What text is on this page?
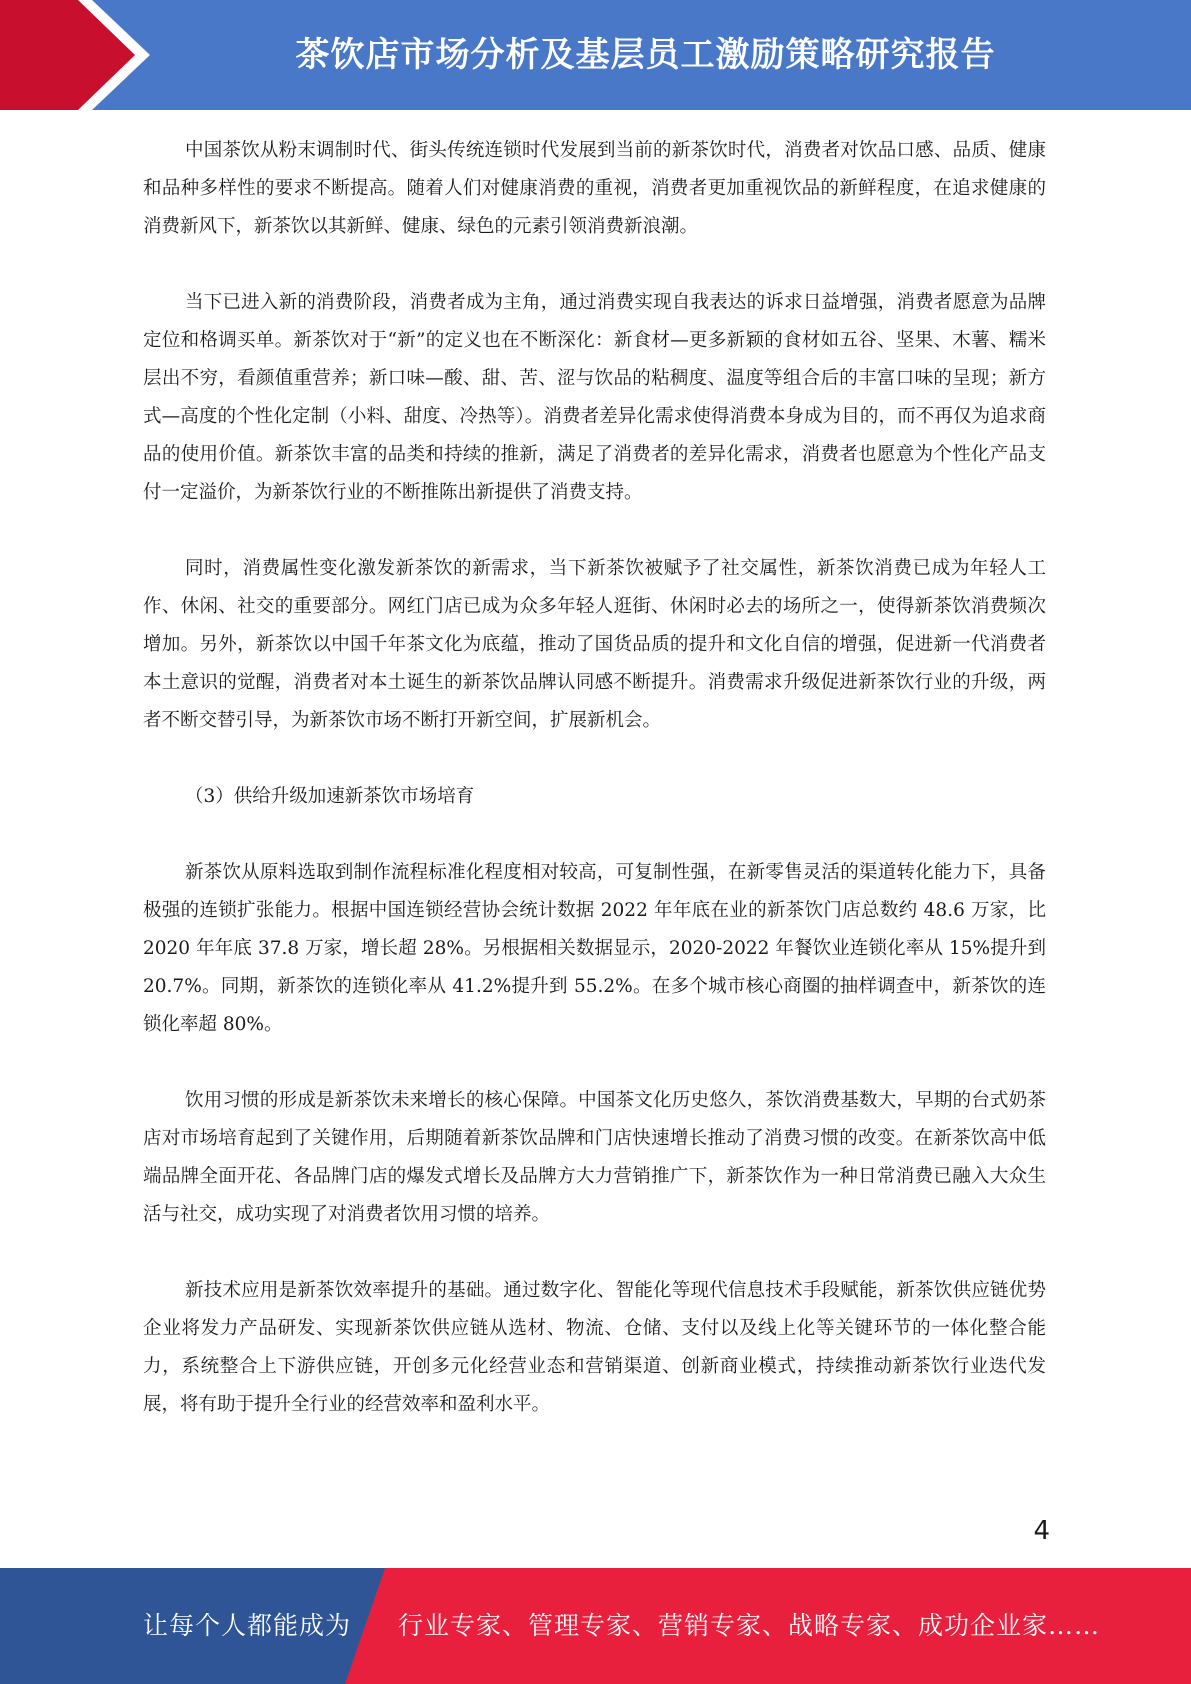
茶饮店市场分析及基层员工激励策略研究报告

中国茶饮从粉末调制时代、街头传统连锁时代发展到当前的新茶饮时代，消费者对饮品口感、品质、健康和品种多样性的要求不断提高。随着人们对健康消费的重视，消费者更加重视饮品的新鲜程度，在追求健康的消费新风下，新茶饮以其新鲜、健康、绿色的元素引领消费新浪潮。

当下已进入新的消费阶段，消费者成为主角，通过消费实现自我表达的诉求日益增强，消费者愿意为品牌定位和格调买单。新茶饮对于“新”的定义也在不断深化：新食材—更多新颖的食材如五谷、坚果、木薯、糯米层出不穷，看颜值重营养；新口味—酸、甜、苦、涩与饮品的粘稠度、温度等组合后的丰富口味的呈现；新方式—高度的个性化定制（小料、甜度、冷热等）。消费者差异化需求使得消费本身成为目的，而不再仅为追求商品的使用价值。新茶饮丰富的品类和持续的推新，满足了消费者的差异化需求，消费者也愿意为个性化产品支付一定溢价，为新茶饮行业的不断推陈出新提供了消费支持。

同时，消费属性变化激发新茶饮的新需求，当下新茶饮被赋予了社交属性，新茶饮消费已成为年轻人工作、休闲、社交的重要部分。网红门店已成为众多年轻人逛街、休闲时必去的场所之一，使得新茶饮消费频次增加。另外，新茶饮以中国千年茶文化为底蕴，推动了国货品质的提升和文化自信的增强，促进新一代消费者本土意识的觉醒，消费者对本土诞生的新茶饮品牌认同感不断提升。消费需求升级促进新茶饮行业的升级，两者不断交替引导，为新茶饮市场不断打开新空间，扩展新机会。

（3）供给升级加速新茶饮市场培育

新茶饮从原料选取到制作流程标准化程度相对较高，可复制性强，在新零售灵活的渠道转化能力下，具备极强的连锁扩张能力。根据中国连锁经营协会统计数据 2022 年年底在业的新茶饮门店总数约 48.6 万家，比 2020 年年底 37.8 万家，增长超 28%。另根据相关数据显示，2020-2022 年餐饮业连锁化率从 15%提升到 20.7%。同期，新茶饮的连锁化率从 41.2%提升到 55.2%。在多个城市核心商圈的抽样调查中，新茶饮的连锁化率超 80%。

饮用习惯的形成是新茶饮未来增长的核心保障。中国茶文化历史悠久，茶饮消费基数大，早期的台式奶茶店对市场培育起到了关键作用，后期随着新茶饮品牌和门店快速增长推动了消费习惯的改变。在新茶饮高中低端品牌全面开花、各品牌门店的爆发式增长及品牌方大力营销推广下，新茶饮作为一种日常消费已融入大众生活与社交，成功实现了对消费者饮用习惯的培养。

新技术应用是新茶饮效率提升的基础。通过数字化、智能化等现代信息技术手段赋能，新茶饮供应链优势企业将发力产品研发、实现新茶饮供应链从选材、物流、仓储、支付以及线上化等关键环节的一体化整合能力，系统整合上下游供应链，开创多元化经营业态和营销渠道、创新商业模式，持续推动新茶饮行业迭代发展，将有助于提升全行业的经营效率和盈利水平。

4
让每个人都能成为 行业专家、管理专家、营销专家、战略专家、成功企业家……
